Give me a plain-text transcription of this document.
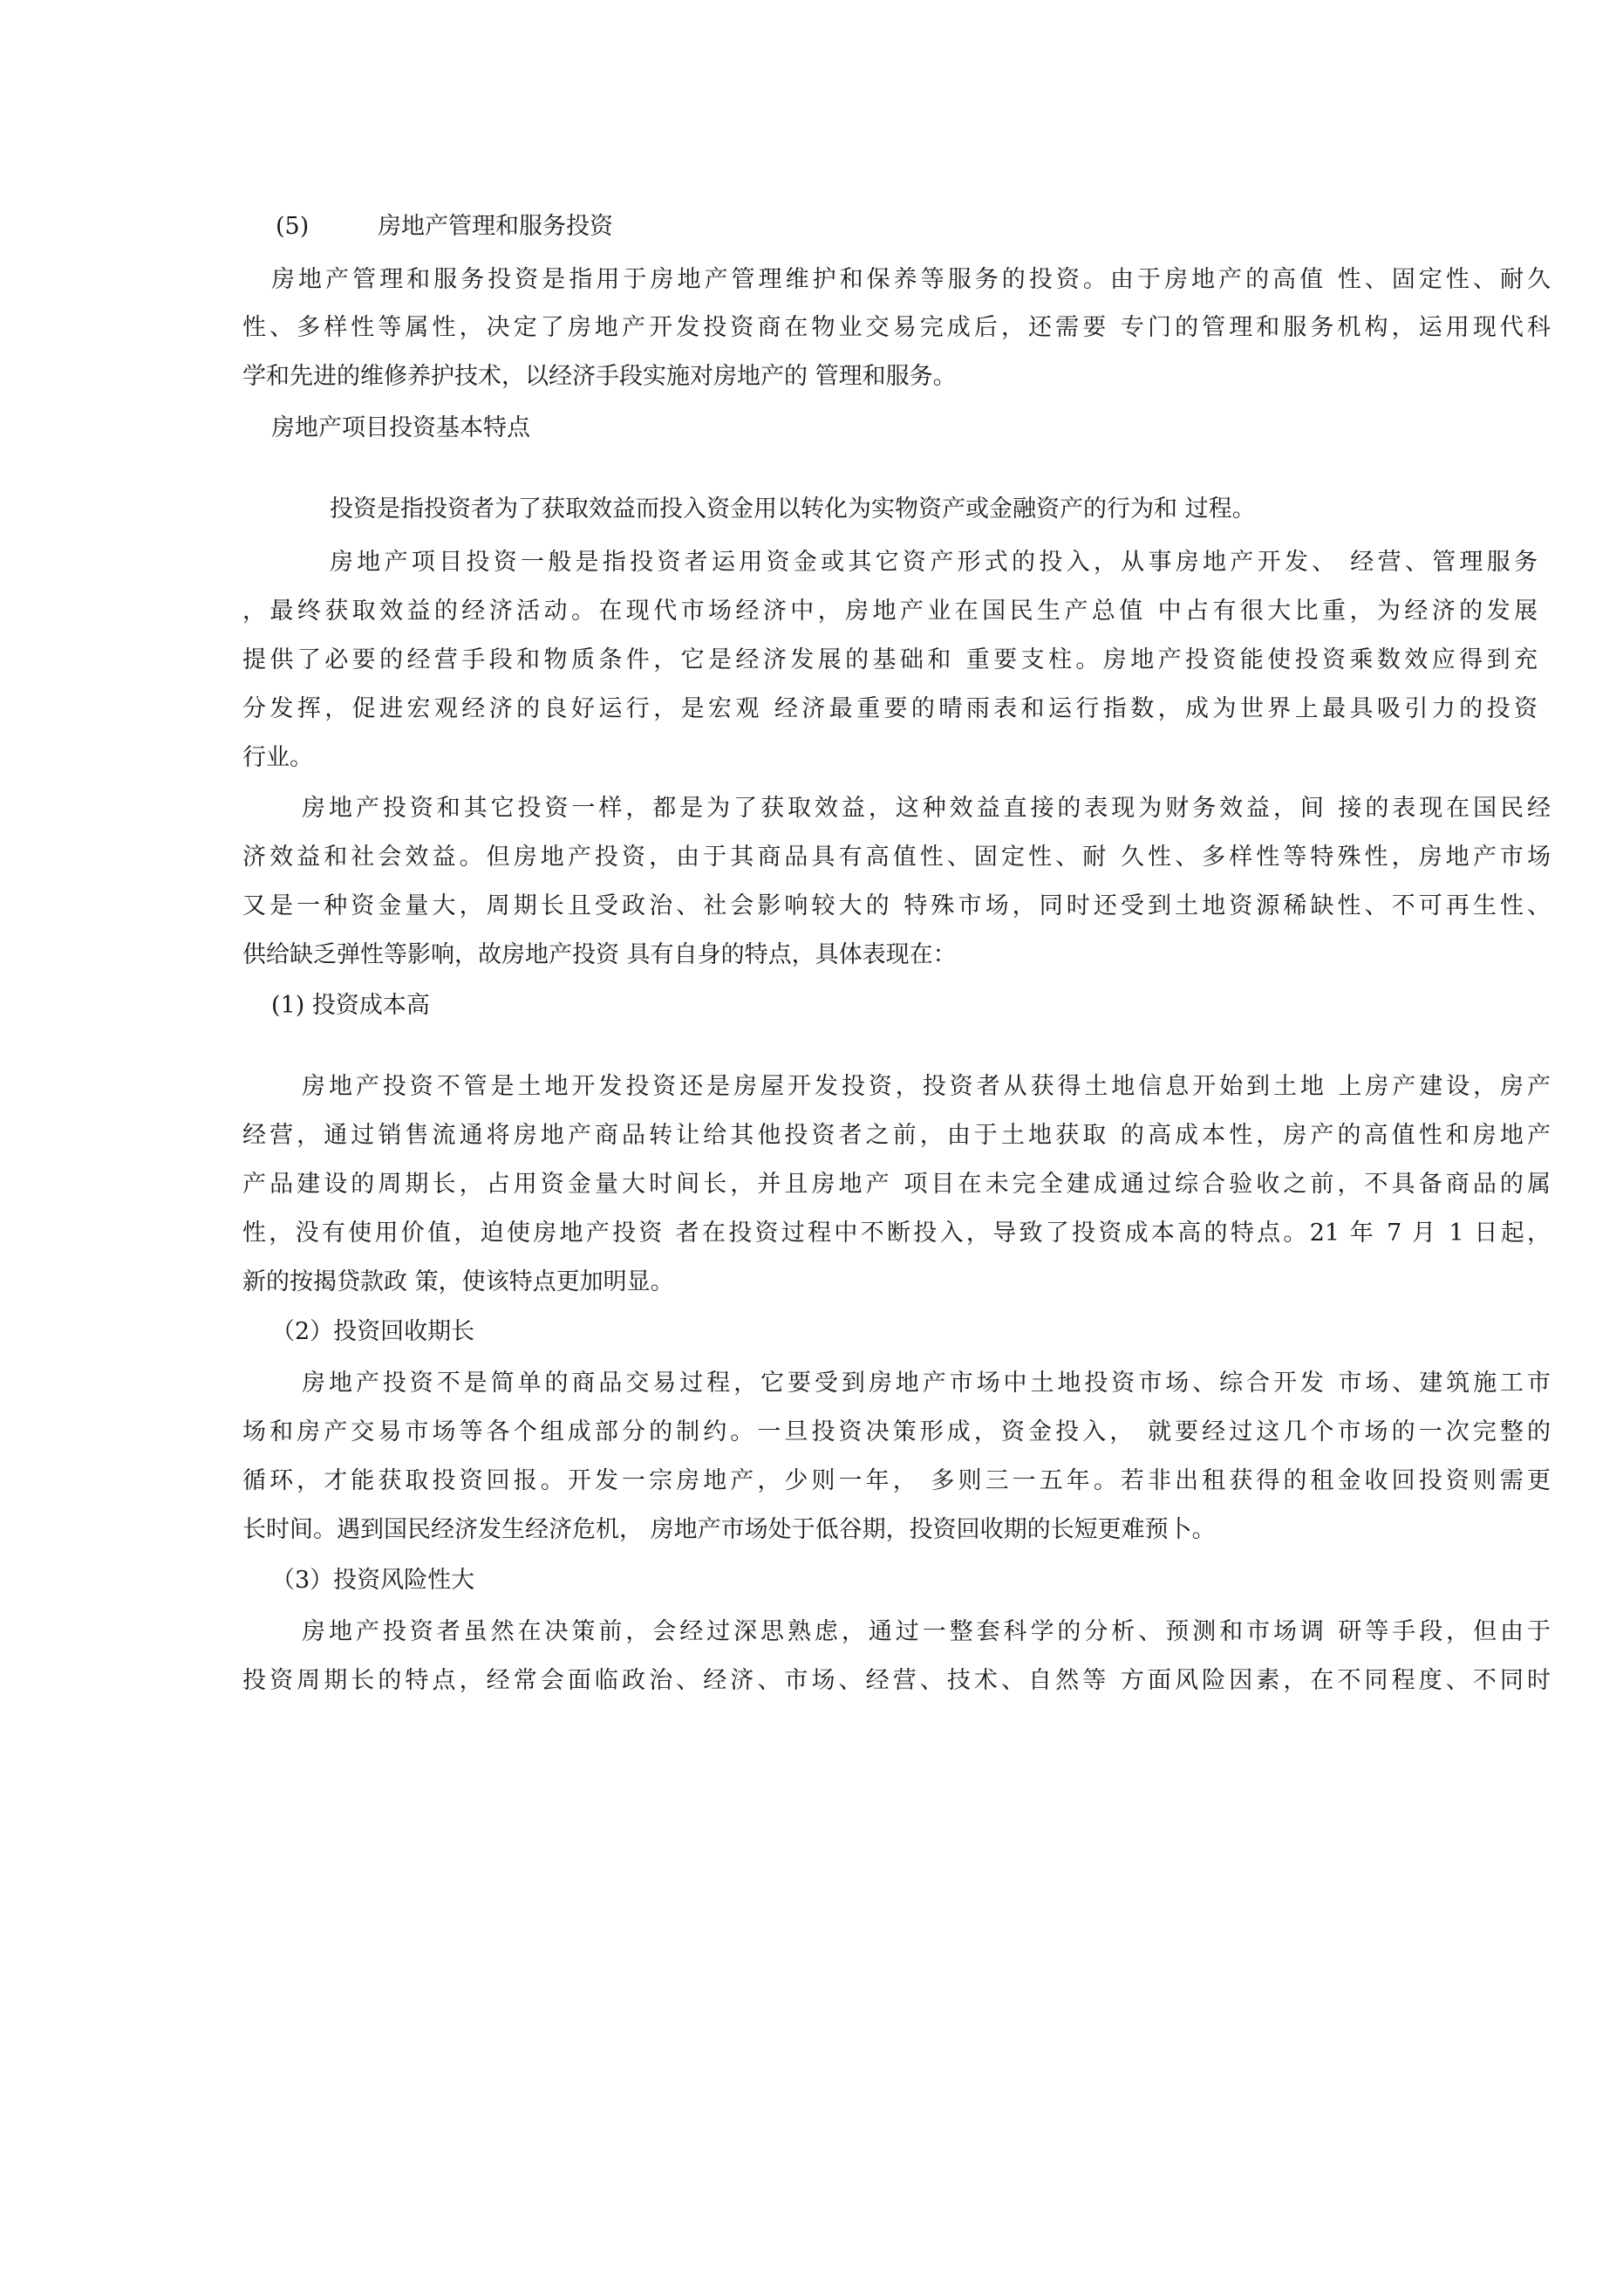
(5)	房地产管理和服务投资

房地产管理和服务投资是指用于房地产管理维护和保养等服务的投资。由于房地产的高值 性、固定性、耐久

性、多样性等属性，决定了房地产开发投资商在物业交易完成后，还需要 专门的管理和服务机构，运用现代科

学和先进的维修养护技术，以经济手段实施对房地产的 管理和服务。

房地产项目投资基本特点

投资是指投资者为了获取效益而投入资金用以转化为实物资产或金融资产的行为和 过程。

房地产项目投资一般是指投资者运用资金或其它资产形式的投入，从事房地产开发、 经营、管理服务

，最终获取效益的经济活动。在现代市场经济中，房地产业在国民生产总值 中占有很大比重，为经济的发展

提供了必要的经营手段和物质条件，它是经济发展的基础和 重要支柱。房地产投资能使投资乘数效应得到充

分发挥，促进宏观经济的良好运行，是宏观 经济最重要的晴雨表和运行指数，成为世界上最具吸引力的投资

行业。

房地产投资和其它投资一样，都是为了获取效益，这种效益直接的表现为财务效益，间 接的表现在国民经

济效益和社会效益。但房地产投资，由于其商品具有高值性、固定性、耐 久性、多样性等特殊性，房地产市场

又是一种资金量大，周期长且受政治、社会影响较大的 特殊市场，同时还受到土地资源稀缺性、不可再生性、

供给缺乏弹性等影响，故房地产投资 具有自身的特点，具体表现在：

(1) 投资成本高

房地产投资不管是土地开发投资还是房屋开发投资，投资者从获得土地信息开始到土地 上房产建设，房产

经营，通过销售流通将房地产商品转让给其他投资者之前，由于土地获取 的高成本性，房产的高值性和房地产

产品建设的周期长，占用资金量大时间长，并且房地产 项目在未完全建成通过综合验收之前，不具备商品的属

性，没有使用价值，迫使房地产投资 者在投资过程中不断投入，导致了投资成本高的特点。21 年 7 月 1 日起，

新的按揭贷款政 策，使该特点更加明显。

（2）投资回收期长

房地产投资不是简单的商品交易过程，它要受到房地产市场中土地投资市场、综合开发 市场、建筑施工市

场和房产交易市场等各个组成部分的制约。一旦投资决策形成，资金投入， 就要经过这几个市场的一次完整的

循环，才能获取投资回报。开发一宗房地产，少则一年， 多则三一五年。若非出租获得的租金收回投资则需更

长时间。遇到国民经济发生经济危机， 房地产市场处于低谷期，投资回收期的长短更难预卜。

（3）投资风险性大

房地产投资者虽然在决策前，会经过深思熟虑，通过一整套科学的分析、预测和市场调 研等手段，但由于

投资周期长的特点，经常会面临政治、经济、市场、经营、技术、自然等 方面风险因素，在不同程度、不同时
